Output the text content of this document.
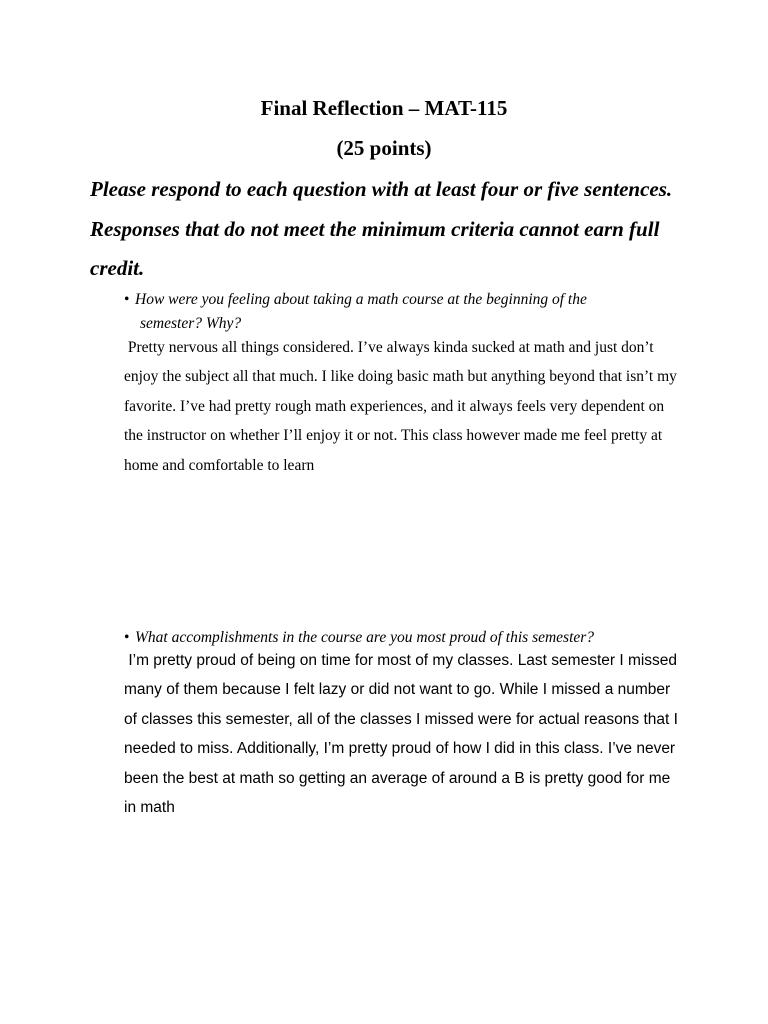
Final Reflection – MAT-115
(25 points)

Please respond to each question with at least four or five sentences. Responses that do not meet the minimum criteria cannot earn full credit.

• How were you feeling about taking a math course at the beginning of the
semester? Why?

Pretty nervous all things considered. I’ve always kinda sucked at math and just don’t enjoy the subject all that much. I like doing basic math but anything beyond that isn’t my favorite. I’ve had pretty rough math experiences, and it always feels very dependent on the instructor on whether I’ll enjoy it or not. This class however made me feel pretty at home and comfortable to learn

• What accomplishments in the course are you most proud of this semester?

I’m pretty proud of being on time for most of my classes. Last semester I missed many of them because I felt lazy or did not want to go. While I missed a number of classes this semester, all of the classes I missed were for actual reasons that I needed to miss. Additionally, I’m pretty proud of how I did in this class. I’ve never been the best at math so getting an average of around a B is pretty good for me in math
